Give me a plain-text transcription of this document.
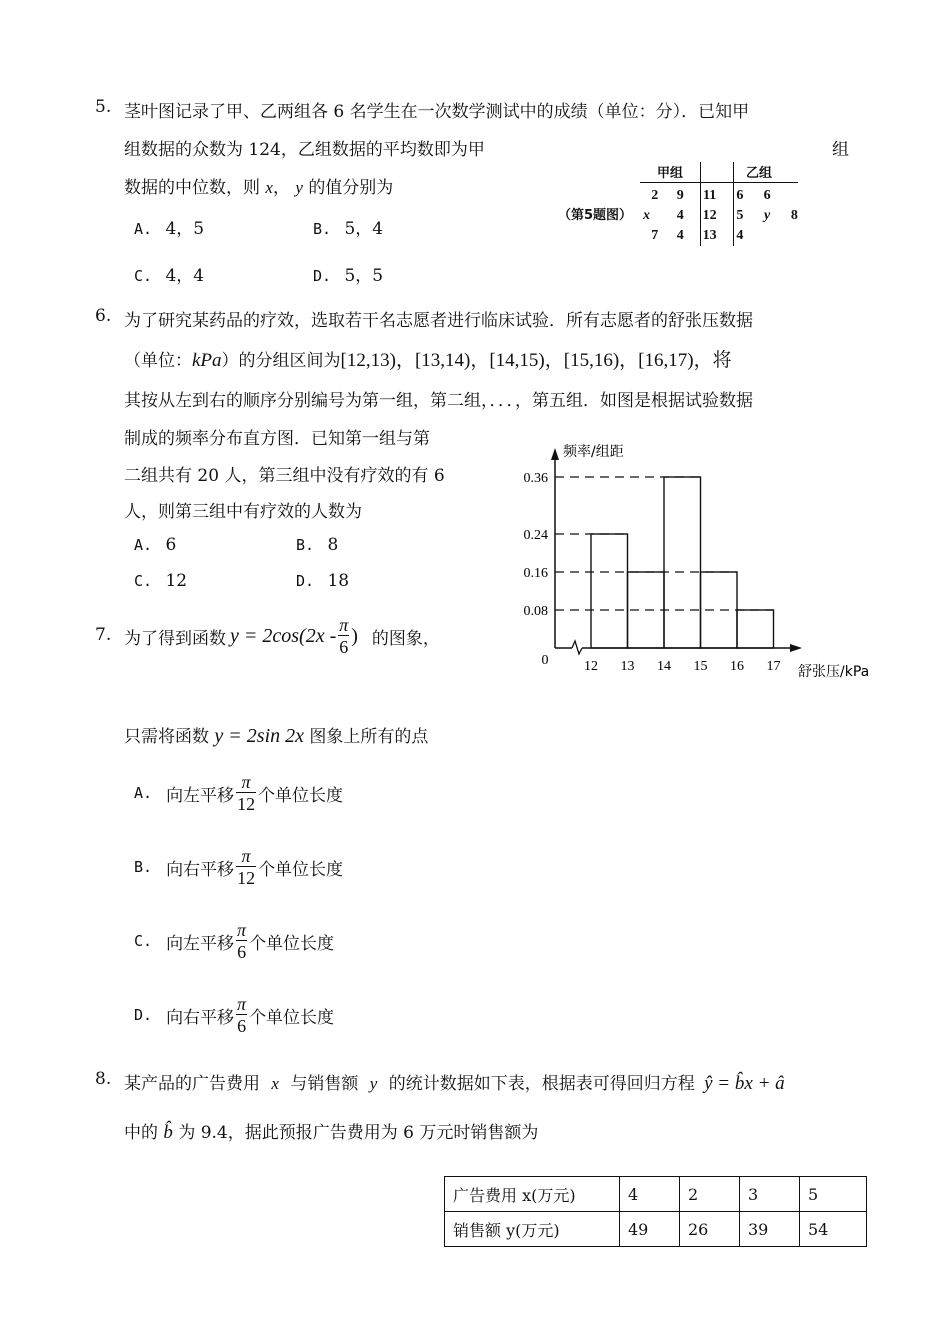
5. 茎叶图记录了甲、乙两组各 6 名学生在一次数学测试中的成绩（单位：分）．已知甲
组数据的众数为 124，乙组数据的平均数即为甲	组
数据的中位数，则 x， y 的值分别为
A. 4，5	B. 5，4
C. 4，4	D. 5，5
（第5题图）
甲组	乙组
2	9	11	6	6	
x	4	12	5	y	8
7	4	13	4		
6. 为了研究某药品的疗效，选取若干名志愿者进行临床试验．所有志愿者的舒张压数据
（单位：kPa）的分组区间为[12,13)，[13,14)，[14,15)，[15,16)，[16,17)，将
其按从左到右的顺序分别编号为第一组，第二组，．．．，第五组．如图是根据试验数据
制成的频率分布直方图．已知第一组与第
二组共有 20 人，第三组中没有疗效的有 6
人，则第三组中有疗效的人数为
A. 6	B. 8
C. 12	D. 18
0.08
0.16
0.24
0.36
12 13 14 15 16 17
0
频率/组距
舒张压/kPa
7. 为了得到函数 $y = 2\cos(2x - \frac{\pi}{6}$ ) 的图象，
只需将函数 y = 2sin 2x 图象上所有的点
A. 向左平移 $\frac{\pi}{12}$ 个单位长度
B. 向右平移 $\frac{\pi}{12}$ 个单位长度
C. 向左平移 $\frac{\pi}{6}$ 个单位长度
D. 向右平移 $\frac{\pi}{6}$ 个单位长度
8. 某产品的广告费用 x 与销售额 y 的统计数据如下表，根据表可得回归方程 ŷ = b̂x + â
中的 b̂ 为 9.4，据此预报广告费用为 6 万元时销售额为
广告费用 x(万元)	4	2	3	5
销售额 y(万元)	49	26	39	54
